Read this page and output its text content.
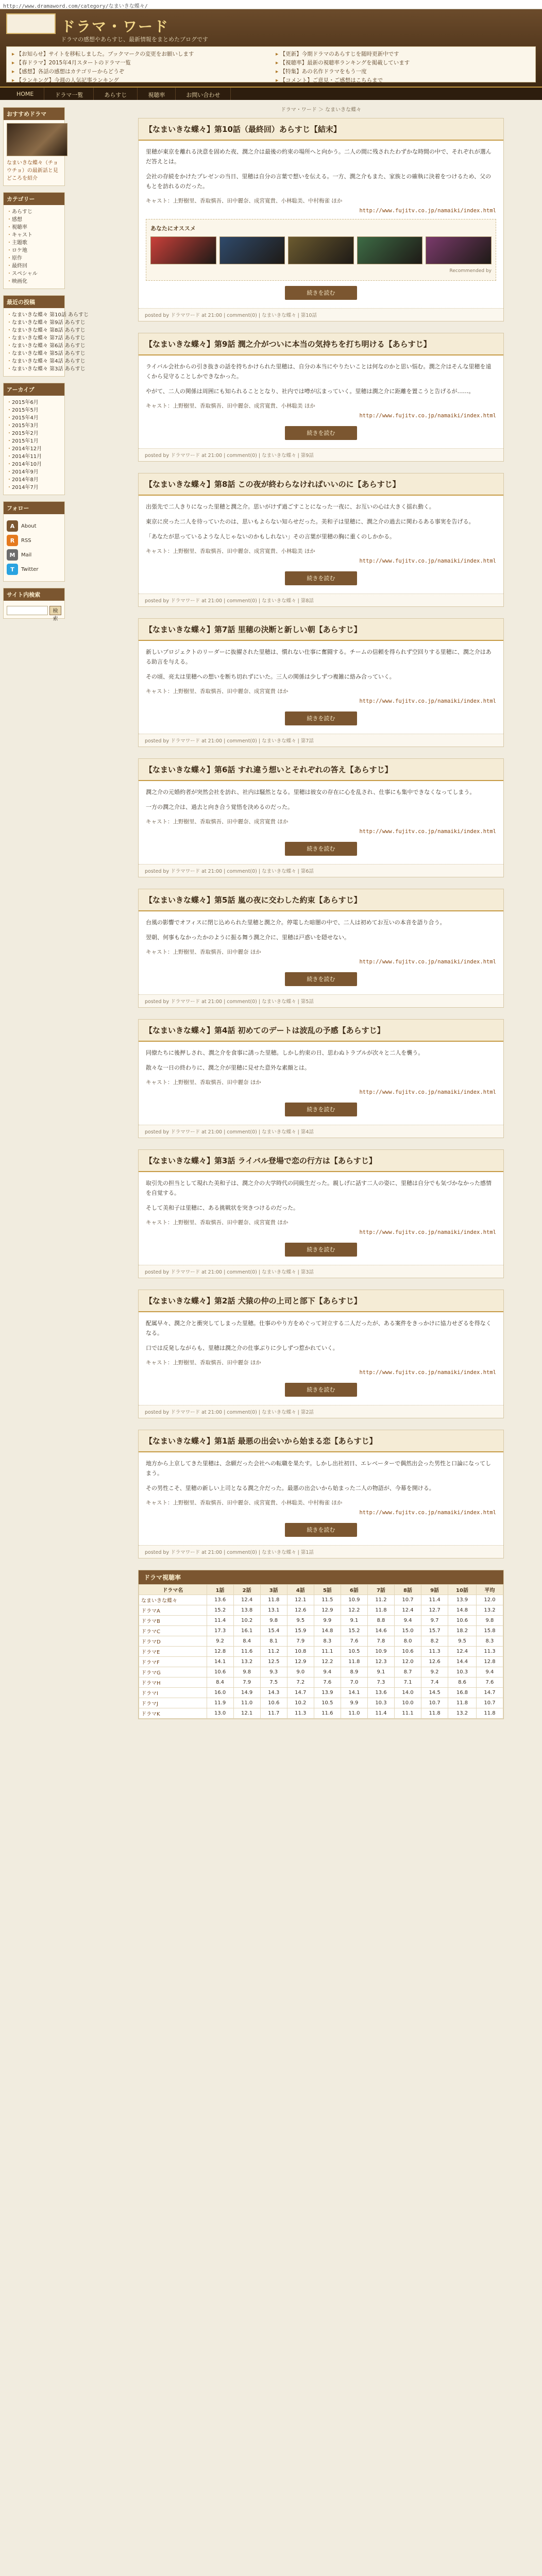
http://www.dramaword.com/category/なまいきな蝶々/
ドラマ・ワード
ドラマの感想やあらすじ、最新情報をまとめたブログです
▸ 【お知らせ】サイトを移転しました。ブックマークの変更をお願いします	▸ 【更新】今期ドラマのあらすじを随時更新中です
▸ 【春ドラマ】2015年4月スタートのドラマ一覧	▸ 【視聴率】最新の視聴率ランキングを掲載しています
▸ 【感想】各話の感想はカテゴリーからどうぞ	▸ 【特集】あの名作ドラマをもう一度
▸ 【ランキング】今週の人気記事ランキング	▸ 【コメント】ご意見・ご感想はこちらまで
HOME	ドラマ一覧	あらすじ	視聴率	お問い合わせ
おすすめドラマ
なまいきな蝶々（チョウチョ）の最新話と見どころを紹介
カテゴリー
・ あらすじ
・ 感想
・ 視聴率
・ キャスト
・ 主題歌
・ ロケ地
・ 原作
・ 最終回
・ スペシャル
・ 映画化
最近の投稿
・ なまいきな蝶々 第10話 あらすじ
・ なまいきな蝶々 第9話 あらすじ
・ なまいきな蝶々 第8話 あらすじ
・ なまいきな蝶々 第7話 あらすじ
・ なまいきな蝶々 第6話 あらすじ
・ なまいきな蝶々 第5話 あらすじ
・ なまいきな蝶々 第4話 あらすじ
・ なまいきな蝶々 第3話 あらすじ
アーカイブ
・ 2015年6月
・ 2015年5月
・ 2015年4月
・ 2015年3月
・ 2015年2月
・ 2015年1月
・ 2014年12月
・ 2014年11月
・ 2014年10月
・ 2014年9月
・ 2014年8月
・ 2014年7月
フォロー
A	About
R	RSS
M	Mail
T	Twitter
サイト内検索
検索
ドラマ・ワード ＞ なまいきな蝶々
【なまいきな蝶々】第10話（最終回）あらすじ【結末】

里穂が東京を離れる決意を固めた夜、潤之介は最後の約束の場所へと向かう。二人の間に残されたわずかな時間の中で、それぞれが選んだ答えとは。

会社の存続をかけたプレゼンの当日、里穂は自分の言葉で想いを伝える。一方、潤之介もまた、家族との確執に決着をつけるため、父のもとを訪れるのだった。

キャスト：上野樹里、香取慎吾、田中麗奈、成宮寛貴、小林聡美、中村梅雀 ほか
http://www.fujitv.co.jp/namaiki/index.html
あなたにオススメ
Recommended by
続きを読む
posted by ドラマワード at 21:00 | comment(0) | なまいきな蝶々 | 第10話
【なまいきな蝶々】第9話 潤之介がついに本当の気持ちを打ち明ける【あらすじ】

ライバル会社からの引き抜きの話を持ちかけられた里穂は、自分の本当にやりたいことは何なのかと思い悩む。潤之介はそんな里穂を遠くから見守ることしかできなかった。

やがて、二人の関係は周囲にも知られることとなり、社内では噂が広まっていく。里穂は潤之介に距離を置こうと告げるが……。

キャスト：上野樹里、香取慎吾、田中麗奈、成宮寛貴、小林聡美 ほか
http://www.fujitv.co.jp/namaiki/index.html
続きを読む
posted by ドラマワード at 21:00 | comment(0) | なまいきな蝶々 | 第9話
【なまいきな蝶々】第8話 この夜が終わらなければいいのに【あらすじ】

出張先で二人きりになった里穂と潤之介。思いがけず過ごすことになった一夜に、お互いの心は大きく揺れ動く。

東京に戻った二人を待っていたのは、思いもよらない知らせだった。美和子は里穂に、潤之介の過去に関わるある事実を告げる。

「あなたが思っているような人じゃないのかもしれない」その言葉が里穂の胸に重くのしかかる。

キャスト：上野樹里、香取慎吾、田中麗奈、成宮寛貴、小林聡美 ほか
http://www.fujitv.co.jp/namaiki/index.html
続きを読む
posted by ドラマワード at 21:00 | comment(0) | なまいきな蝶々 | 第8話
【なまいきな蝶々】第7話 里穂の決断と新しい朝【あらすじ】

新しいプロジェクトのリーダーに抜擢された里穂は、慣れない仕事に奮闘する。チームの信頼を得られず空回りする里穂に、潤之介はある助言を与える。

その頃、亮太は里穂への想いを断ち切れずにいた。三人の関係は少しずつ複雑に絡み合っていく。

キャスト：上野樹里、香取慎吾、田中麗奈、成宮寛貴 ほか
http://www.fujitv.co.jp/namaiki/index.html
続きを読む
posted by ドラマワード at 21:00 | comment(0) | なまいきな蝶々 | 第7話
【なまいきな蝶々】第6話 すれ違う想いとそれぞれの答え【あらすじ】

潤之介の元婚約者が突然会社を訪れ、社内は騒然となる。里穂は彼女の存在に心を乱され、仕事にも集中できなくなってしまう。

一方の潤之介は、過去と向き合う覚悟を決めるのだった。

キャスト：上野樹里、香取慎吾、田中麗奈、成宮寛貴 ほか
http://www.fujitv.co.jp/namaiki/index.html
続きを読む
posted by ドラマワード at 21:00 | comment(0) | なまいきな蝶々 | 第6話
【なまいきな蝶々】第5話 嵐の夜に交わした約束【あらすじ】

台風の影響でオフィスに閉じ込められた里穂と潤之介。停電した暗闇の中で、二人は初めてお互いの本音を語り合う。

翌朝、何事もなかったかのように振る舞う潤之介に、里穂は戸惑いを隠せない。

キャスト：上野樹里、香取慎吾、田中麗奈 ほか
http://www.fujitv.co.jp/namaiki/index.html
続きを読む
posted by ドラマワード at 21:00 | comment(0) | なまいきな蝶々 | 第5話
【なまいきな蝶々】第4話 初めてのデートは波乱の予感【あらすじ】

同僚たちに後押しされ、潤之介を食事に誘った里穂。しかし約束の日、思わぬトラブルが次々と二人を襲う。

散々な一日の終わりに、潤之介が里穂に見せた意外な素顔とは。

キャスト：上野樹里、香取慎吾、田中麗奈 ほか
http://www.fujitv.co.jp/namaiki/index.html
続きを読む
posted by ドラマワード at 21:00 | comment(0) | なまいきな蝶々 | 第4話
【なまいきな蝶々】第3話 ライバル登場で恋の行方は【あらすじ】

取引先の担当として現れた美和子は、潤之介の大学時代の同級生だった。親しげに話す二人の姿に、里穂は自分でも気づかなかった感情を自覚する。

そして美和子は里穂に、ある挑戦状を突きつけるのだった。

キャスト：上野樹里、香取慎吾、田中麗奈、成宮寛貴 ほか
http://www.fujitv.co.jp/namaiki/index.html
続きを読む
posted by ドラマワード at 21:00 | comment(0) | なまいきな蝶々 | 第3話
【なまいきな蝶々】第2話 犬猿の仲の上司と部下【あらすじ】

配属早々、潤之介と衝突してしまった里穂。仕事のやり方をめぐって対立する二人だったが、ある案件をきっかけに協力せざるを得なくなる。

口では反発しながらも、里穂は潤之介の仕事ぶりに少しずつ惹かれていく。

キャスト：上野樹里、香取慎吾、田中麗奈 ほか
http://www.fujitv.co.jp/namaiki/index.html
続きを読む
posted by ドラマワード at 21:00 | comment(0) | なまいきな蝶々 | 第2話
【なまいきな蝶々】第1話 最悪の出会いから始まる恋【あらすじ】

地方から上京してきた里穂は、念願だった会社への転職を果たす。しかし出社初日、エレベーターで偶然出会った男性と口論になってしまう。

その男性こそ、里穂の新しい上司となる潤之介だった。最悪の出会いから始まった二人の物語が、今幕を開ける。

キャスト：上野樹里、香取慎吾、田中麗奈、成宮寛貴、小林聡美、中村梅雀 ほか
http://www.fujitv.co.jp/namaiki/index.html
続きを読む
posted by ドラマワード at 21:00 | comment(0) | なまいきな蝶々 | 第1話
ドラマ視聴率
ドラマ名	1話	2話	3話	4話	5話	6話	7話	8話	9話	10話	平均
なまいきな蝶々	13.6	12.4	11.8	12.1	11.5	10.9	11.2	10.7	11.4	13.9	12.0
ドラマA	15.2	13.8	13.1	12.6	12.9	12.2	11.8	12.4	12.7	14.8	13.2
ドラマB	11.4	10.2	9.8	9.5	9.9	9.1	8.8	9.4	9.7	10.6	9.8
ドラマC	17.3	16.1	15.4	15.9	14.8	15.2	14.6	15.0	15.7	18.2	15.8
ドラマD	9.2	8.4	8.1	7.9	8.3	7.6	7.8	8.0	8.2	9.5	8.3
ドラマE	12.8	11.6	11.2	10.8	11.1	10.5	10.9	10.6	11.3	12.4	11.3
ドラマF	14.1	13.2	12.5	12.9	12.2	11.8	12.3	12.0	12.6	14.4	12.8
ドラマG	10.6	9.8	9.3	9.0	9.4	8.9	9.1	8.7	9.2	10.3	9.4
ドラマH	8.4	7.9	7.5	7.2	7.6	7.0	7.3	7.1	7.4	8.6	7.6
ドラマI	16.0	14.9	14.3	14.7	13.9	14.1	13.6	14.0	14.5	16.8	14.7
ドラマJ	11.9	11.0	10.6	10.2	10.5	9.9	10.3	10.0	10.7	11.8	10.7
ドラマK	13.0	12.1	11.7	11.3	11.6	11.0	11.4	11.1	11.8	13.2	11.8
